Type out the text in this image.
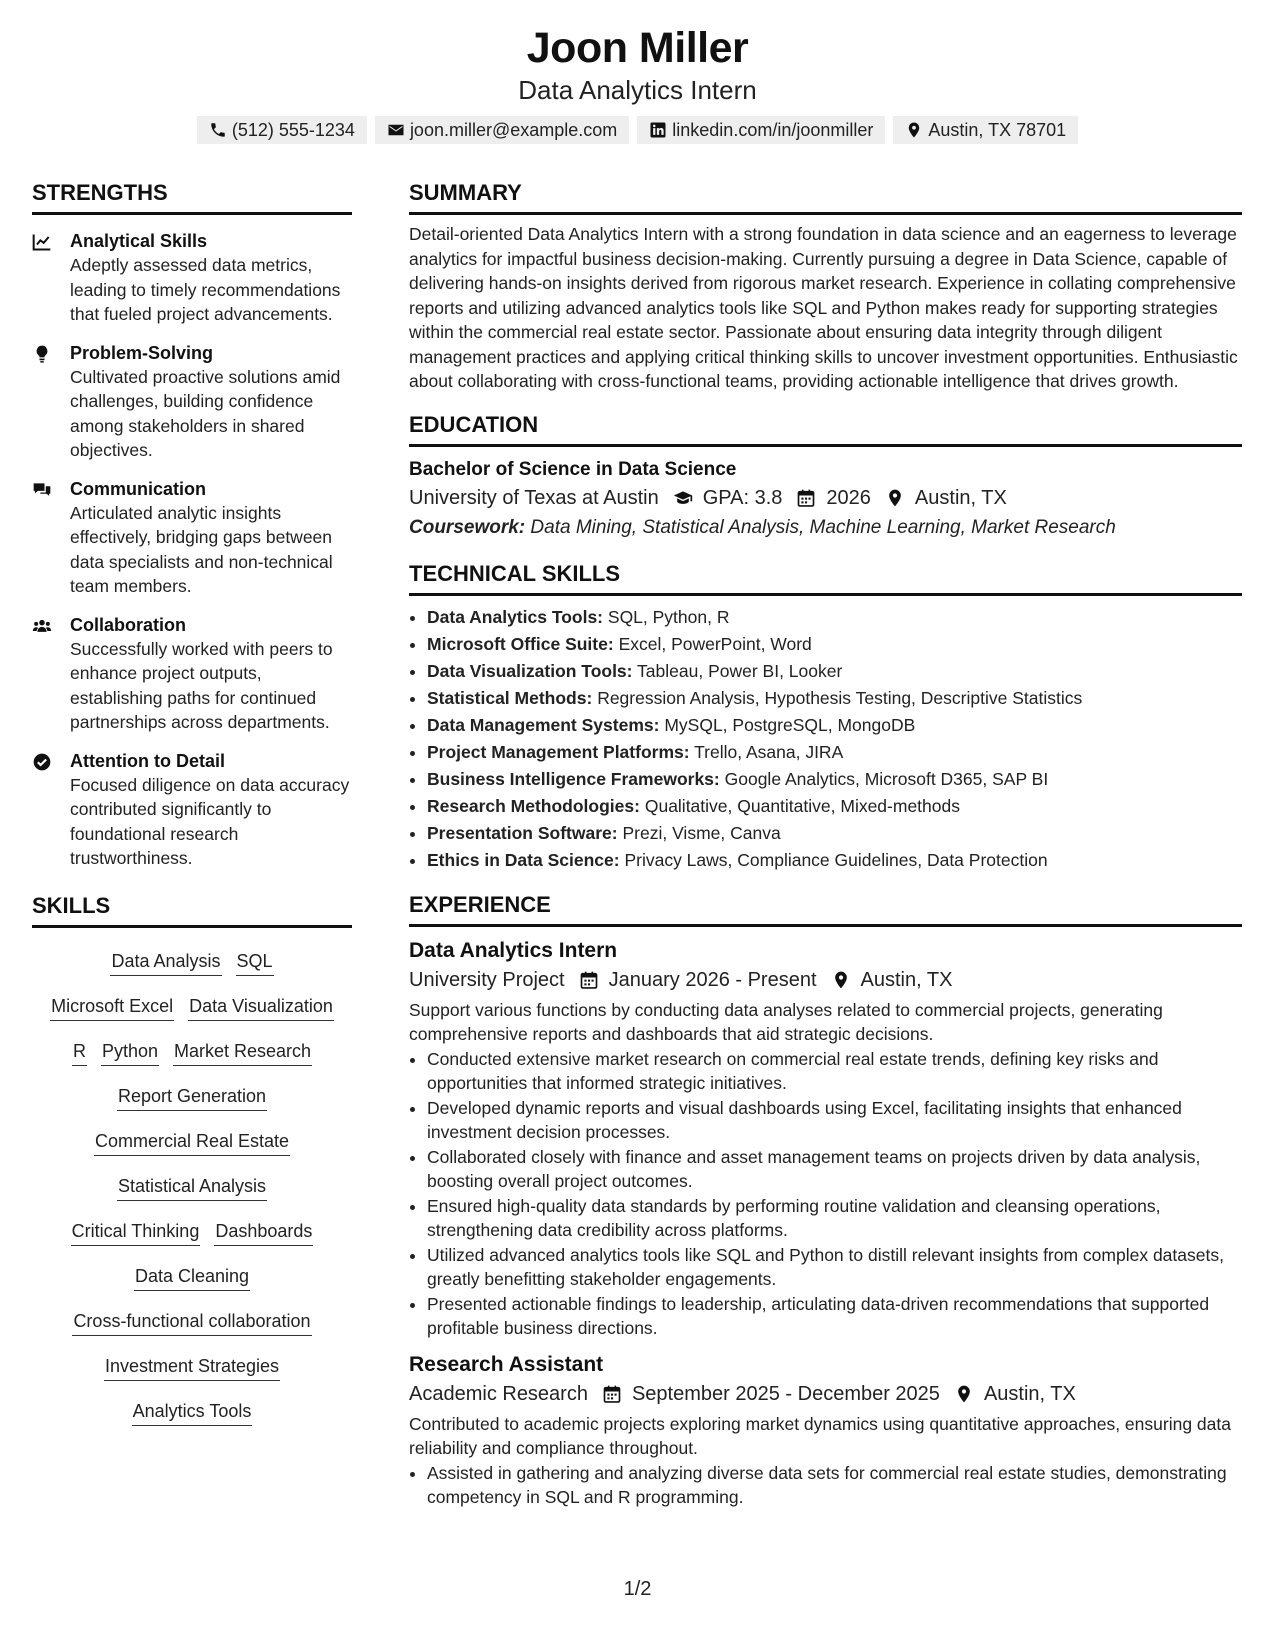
Joon Miller
Data Analytics Intern
(512) 555-1234	joon.miller@example.com	linkedin.com/in/joonmiller	Austin, TX 78701
STRENGTHS
Analytical Skills
Adeptly assessed data metrics, leading to timely recommendations that fueled project advancements.
Problem-Solving
Cultivated proactive solutions amid challenges, building confidence among stakeholders in shared objectives.
Communication
Articulated analytic insights effectively, bridging gaps between data specialists and non-technical team members.
Collaboration
Successfully worked with peers to enhance project outputs, establishing paths for continued partnerships across departments.
Attention to Detail
Focused diligence on data accuracy contributed significantly to foundational research trustworthiness.
SKILLS
Data Analysis SQL
Microsoft Excel Data Visualization
R Python Market Research
Report Generation
Commercial Real Estate
Statistical Analysis
Critical Thinking Dashboards
Data Cleaning
Cross-functional collaboration
Investment Strategies
Analytics Tools
SUMMARY
Detail-oriented Data Analytics Intern with a strong foundation in data science and an eagerness to leverage analytics for impactful business decision-making. Currently pursuing a degree in Data Science, capable of delivering hands-on insights derived from rigorous market research. Experience in collating comprehensive reports and utilizing advanced analytics tools like SQL and Python makes ready for supporting strategies within the commercial real estate sector. Passionate about ensuring data integrity through diligent management practices and applying critical thinking skills to uncover investment opportunities. Enthusiastic about collaborating with cross-functional teams, providing actionable intelligence that drives growth.
EDUCATION
Bachelor of Science in Data Science
University of Texas at Austin GPA: 3.8 2026 Austin, TX
Coursework: Data Mining, Statistical Analysis, Machine Learning, Market Research
TECHNICAL SKILLS
• Data Analytics Tools: SQL, Python, R
• Microsoft Office Suite: Excel, PowerPoint, Word
• Data Visualization Tools: Tableau, Power BI, Looker
• Statistical Methods: Regression Analysis, Hypothesis Testing, Descriptive Statistics
• Data Management Systems: MySQL, PostgreSQL, MongoDB
• Project Management Platforms: Trello, Asana, JIRA
• Business Intelligence Frameworks: Google Analytics, Microsoft D365, SAP BI
• Research Methodologies: Qualitative, Quantitative, Mixed-methods
• Presentation Software: Prezi, Visme, Canva
• Ethics in Data Science: Privacy Laws, Compliance Guidelines, Data Protection
EXPERIENCE
Data Analytics Intern
University Project January 2026 - Present Austin, TX
Support various functions by conducting data analyses related to commercial projects, generating comprehensive reports and dashboards that aid strategic decisions.
• Conducted extensive market research on commercial real estate trends, defining key risks and opportunities that informed strategic initiatives.
• Developed dynamic reports and visual dashboards using Excel, facilitating insights that enhanced investment decision processes.
• Collaborated closely with finance and asset management teams on projects driven by data analysis, boosting overall project outcomes.
• Ensured high-quality data standards by performing routine validation and cleansing operations, strengthening data credibility across platforms.
• Utilized advanced analytics tools like SQL and Python to distill relevant insights from complex datasets, greatly benefitting stakeholder engagements.
• Presented actionable findings to leadership, articulating data-driven recommendations that supported profitable business directions.
Research Assistant
Academic Research September 2025 - December 2025 Austin, TX
Contributed to academic projects exploring market dynamics using quantitative approaches, ensuring data reliability and compliance throughout.
• Assisted in gathering and analyzing diverse data sets for commercial real estate studies, demonstrating competency in SQL and R programming.
1/2
